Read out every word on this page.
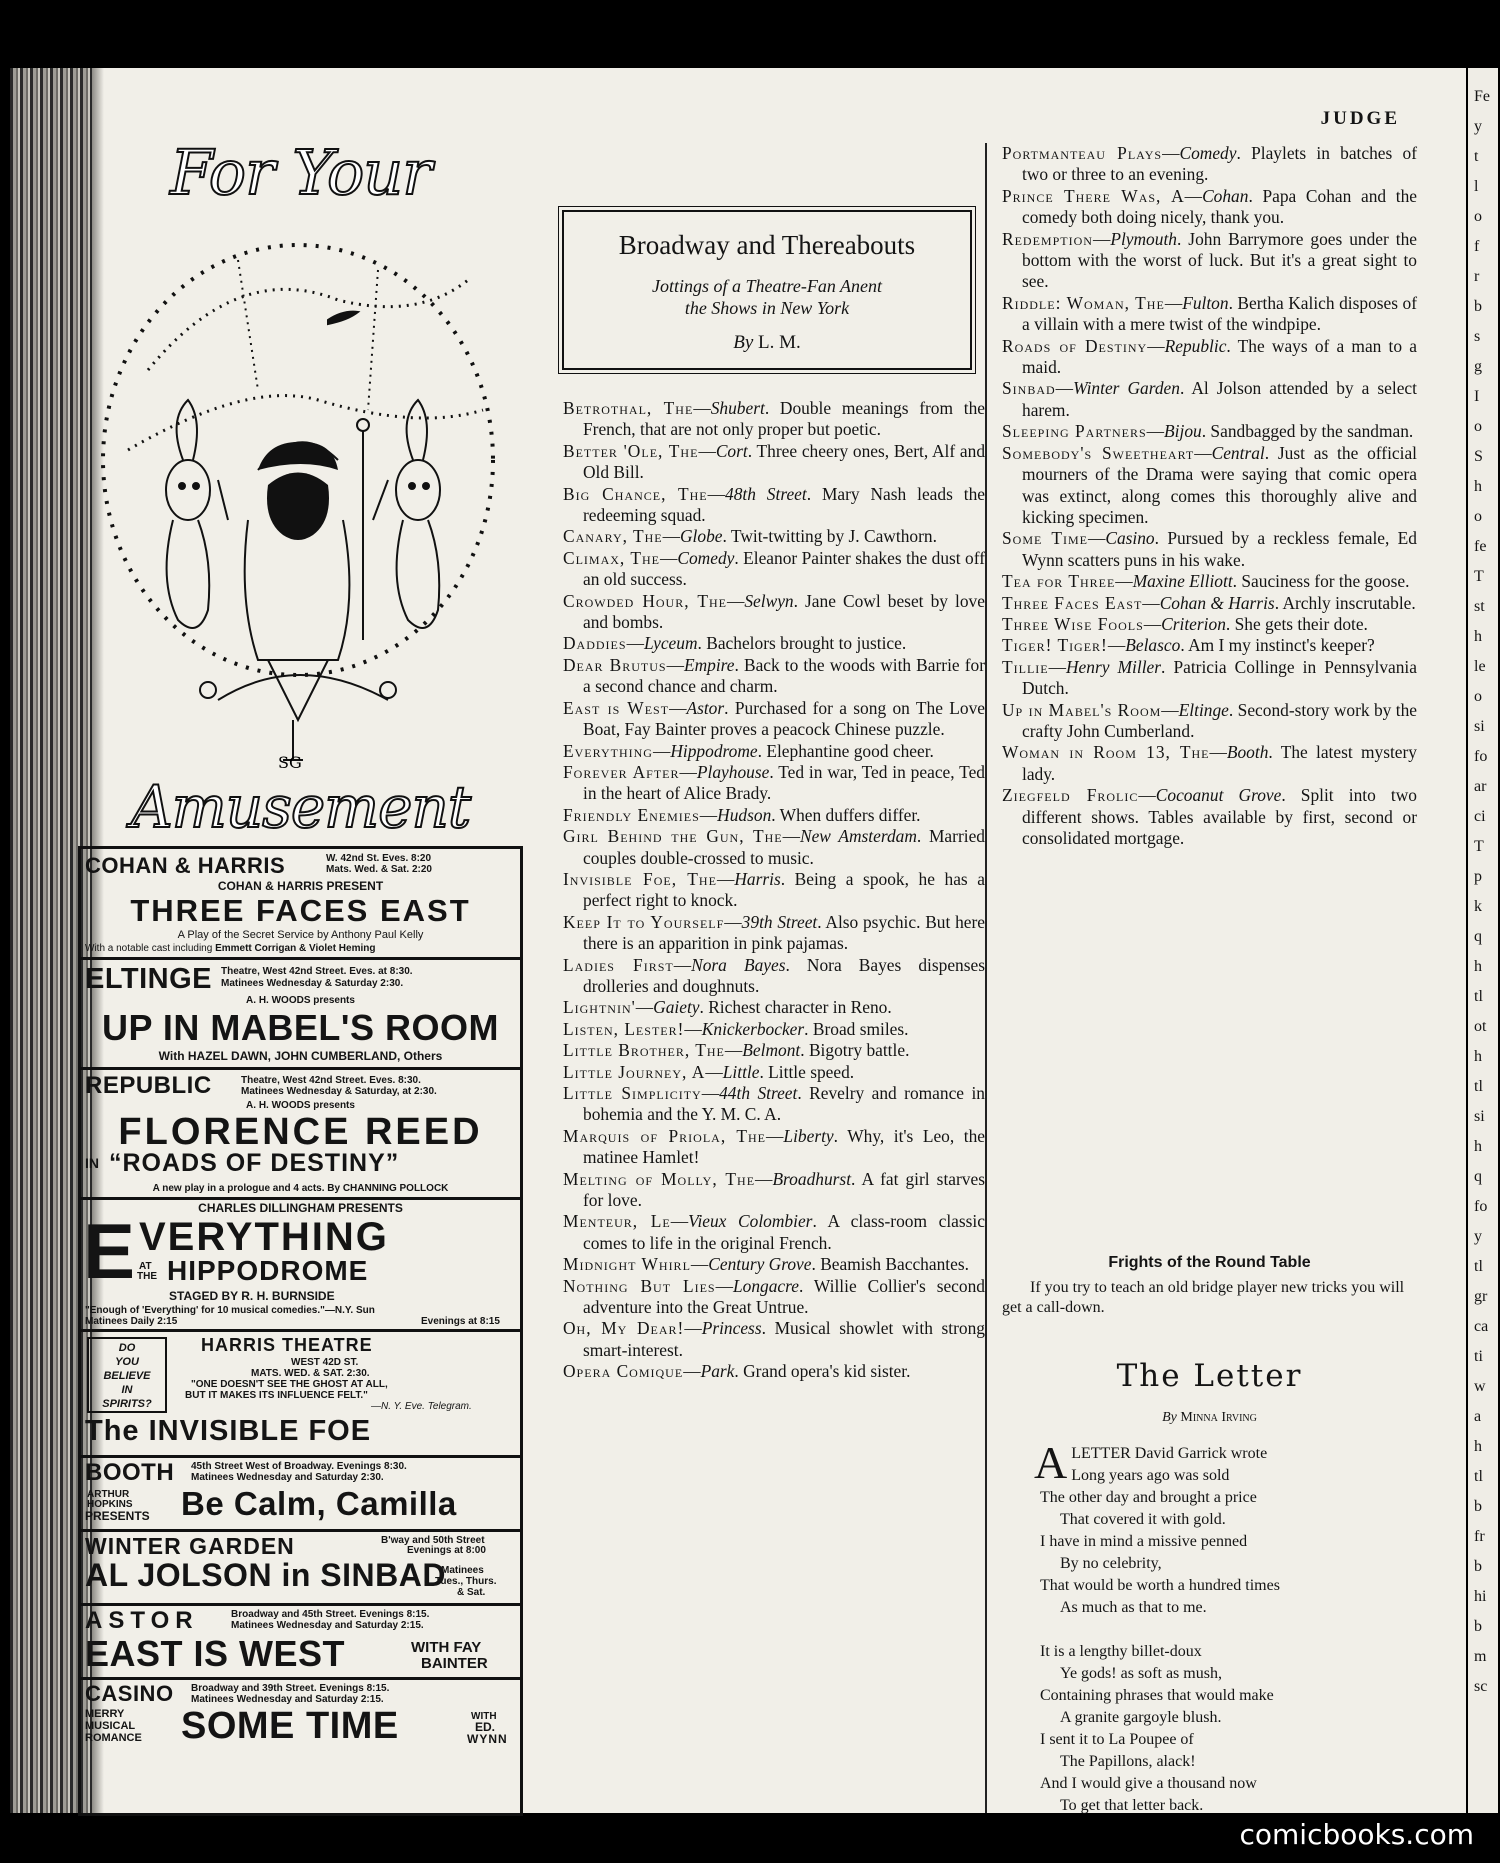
Fe
y
t
l
o
f
r
b
s
g
I
o
S
h
o
fe
T
st
h
le
o
si
fo
ar
ci
T
p
k
q
h
tl
ot
h
tl
si
h
q
fo
y
tl
gr
ca
ti
w
a
h
tl
b
fr
b
hi
b
m
sc
JUDGE
For Your
SG
Amusement
COHAN & HARRIS	W. 42nd St. Eves. 8:20
Mats. Wed. & Sat. 2:20
COHAN & HARRIS PRESENT
THREE FACES EAST
A Play of the Secret Service by Anthony Paul Kelly
With a notable cast including Emmett Corrigan & Violet Heming
ELTINGE Theatre, West 42nd Street. Eves. at 8:30.
Matinees Wednesday & Saturday 2:30.
A. H. WOODS presents
UP IN MABEL'S ROOM
With HAZEL DAWN, JOHN CUMBERLAND, Others
REPUBLIC	Theatre, West 42nd Street. Eves. 8:30.
Matinees Wednesday & Saturday, at 2:30.
A. H. WOODS presents
FLORENCE REED
IN “ROADS OF DESTINY”
A new play in a prologue and 4 acts. By CHANNING POLLOCK
CHARLES DILLINGHAM PRESENTS
E VERYTHING
AT
THE HIPPODROME
STAGED BY R. H. BURNSIDE
"Enough of 'Everything' for 10 musical comedies."—N.Y. Sun
Matinees Daily 2:15	Evenings at 8:15
DO
YOU
BELIEVE
IN
SPIRITS?
HARRIS THEATRE
WEST 42D ST.
MATS. WED. & SAT. 2:30.
"ONE DOESN'T SEE THE GHOST AT ALL,
BUT IT MAKES ITS INFLUENCE FELT."
—N. Y. Eve. Telegram.
The INVISIBLE FOE
BOOTH	45th Street West of Broadway. Evenings 8:30.
Matinees Wednesday and Saturday 2:30.
ARTHUR
HOPKINS
PRESENTS Be Calm, Camilla
WINTER GARDEN	B'way and 50th Street
Evenings at 8:00
AL JOLSON in SINBAD
Matinees
Tues., Thurs.
& Sat.
ASTOR	Broadway and 45th Street. Evenings 8:15.
Matinees Wednesday and Saturday 2:15.
EAST IS WEST	WITH FAY
BAINTER
CASINO	Broadway and 39th Street. Evenings 8:15.
Matinees Wednesday and Saturday 2:15.
MERRY
MUSICAL
ROMANCE	SOME TIME	WITH
ED.
WYNN
Broadway and Thereabouts
Jottings of a Theatre-Fan Anent
the Shows in New York
By L. M.
Betrothal, The—Shubert. Double meanings from the French, that are not only proper but poetic.
Better 'Ole, The—Cort. Three cheery ones, Bert, Alf and Old Bill.
Big Chance, The—48th Street. Mary Nash leads the redeeming squad.
Canary, The—Globe. Twit-twitting by J. Cawthorn.
Climax, The—Comedy. Eleanor Painter shakes the dust off an old success.
Crowded Hour, The—Selwyn. Jane Cowl beset by love and bombs.
Daddies—Lyceum. Bachelors brought to justice.
Dear Brutus—Empire. Back to the woods with Barrie for a second chance and charm.
East is West—Astor. Purchased for a song on The Love Boat, Fay Bainter proves a peacock Chinese puzzle.
Everything—Hippodrome. Elephantine good cheer.
Forever After—Playhouse. Ted in war, Ted in peace, Ted in the heart of Alice Brady.
Friendly Enemies—Hudson. When duffers differ.
Girl Behind the Gun, The—New Amsterdam. Married couples double-crossed to music.
Invisible Foe, The—Harris. Being a spook, he has a perfect right to knock.
Keep It to Yourself—39th Street. Also psychic. But here there is an apparition in pink pajamas.
Ladies First—Nora Bayes. Nora Bayes dispenses drolleries and doughnuts.
Lightnin'—Gaiety. Richest character in Reno.
Listen, Lester!—Knickerbocker. Broad smiles.
Little Brother, The—Belmont. Bigotry battle.
Little Journey, A—Little. Little speed.
Little Simplicity—44th Street. Revelry and romance in bohemia and the Y. M. C. A.
Marquis of Priola, The—Liberty. Why, it's Leo, the matinee Hamlet!
Melting of Molly, The—Broadhurst. A fat girl starves for love.
Menteur, Le—Vieux Colombier. A class-room classic comes to life in the original French.
Midnight Whirl—Century Grove. Beamish Bacchantes.
Nothing But Lies—Longacre. Willie Collier's second adventure into the Great Untrue.
Oh, My Dear!—Princess. Musical showlet with strong smart-interest.
Opera Comique—Park. Grand opera's kid sister.
Portmanteau Plays—Comedy. Playlets in batches of two or three to an evening.
Prince There Was, A—Cohan. Papa Cohan and the comedy both doing nicely, thank you.
Redemption—Plymouth. John Barrymore goes under the bottom with the worst of luck. But it's a great sight to see.
Riddle: Woman, The—Fulton. Bertha Kalich disposes of a villain with a mere twist of the windpipe.
Roads of Destiny—Republic. The ways of a man to a maid.
Sinbad—Winter Garden. Al Jolson attended by a select harem.
Sleeping Partners—Bijou. Sandbagged by the sandman.
Somebody's Sweetheart—Central. Just as the official mourners of the Drama were saying that comic opera was extinct, along comes this thoroughly alive and kicking specimen.
Some Time—Casino. Pursued by a reckless female, Ed Wynn scatters puns in his wake.
Tea for Three—Maxine Elliott. Sauciness for the goose.
Three Faces East—Cohan & Harris. Archly inscrutable.
Three Wise Fools—Criterion. She gets their dote.
Tiger! Tiger!—Belasco. Am I my instinct's keeper?
Tillie—Henry Miller. Patricia Collinge in Pennsylvania Dutch.
Up in Mabel's Room—Eltinge. Second-story work by the crafty John Cumberland.
Woman in Room 13, The—Booth. The latest mystery lady.
Ziegfeld Frolic—Cocoanut Grove. Split into two different shows. Tables available by first, second or consolidated mortgage.
Frights of the Round Table
If you try to teach an old bridge player new tricks you will get a call-down.
The Letter
By Minna Irving
A LETTER David Garrick wrote
Long years ago was sold
The other day and brought a price
That covered it with gold.
I have in mind a missive penned
By no celebrity,
That would be worth a hundred times
As much as that to me.
It is a lengthy billet-doux
Ye gods! as soft as mush,
Containing phrases that would make
A granite gargoyle blush.
I sent it to La Poupee of
The Papillons, alack!
And I would give a thousand now
To get that letter back.
comicbooks.com
